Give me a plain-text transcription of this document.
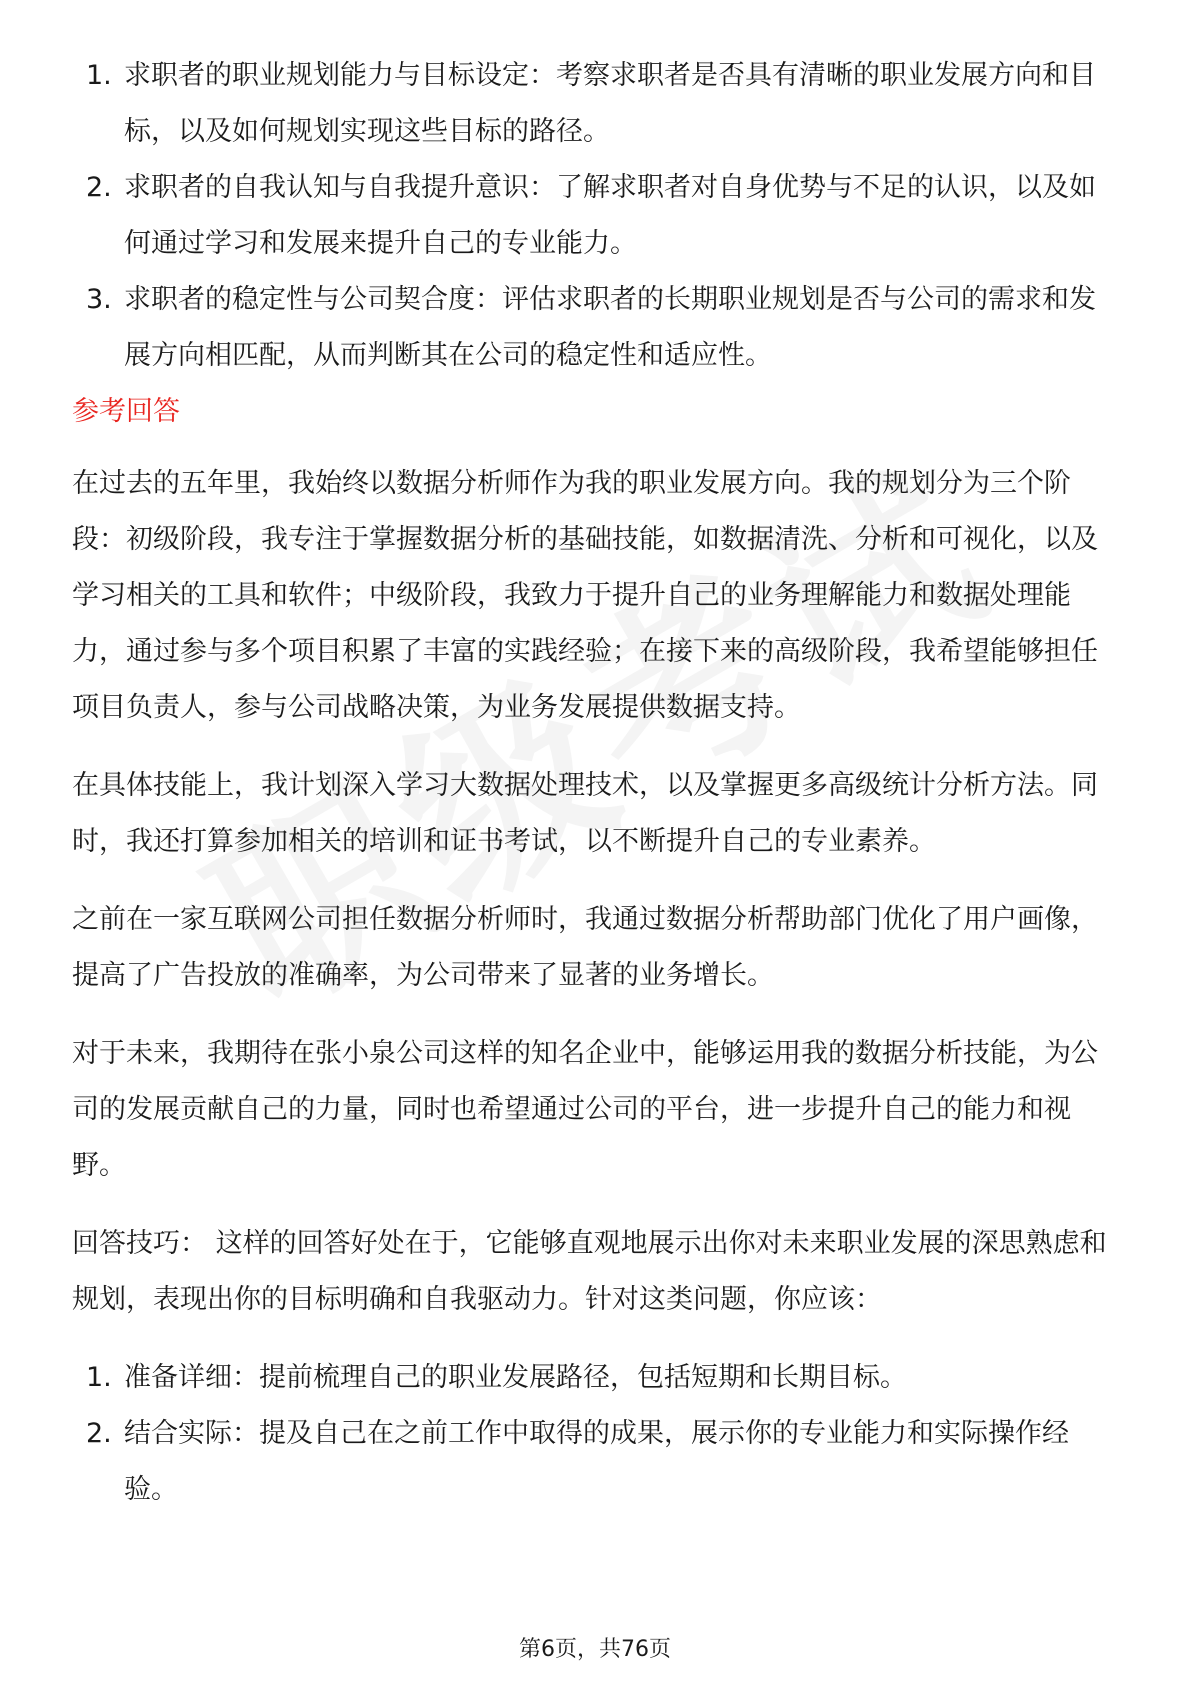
1. 求职者的职业规划能力与目标设定：考察求职者是否具有清晰的职业发展方向和目标，以及如何规划实现这些目标的路径。
2. 求职者的自我认知与自我提升意识：了解求职者对自身优势与不足的认识，以及如何通过学习和发展来提升自己的专业能力。
3. 求职者的稳定性与公司契合度：评估求职者的长期职业规划是否与公司的需求和发展方向相匹配，从而判断其在公司的稳定性和适应性。
参考回答

在过去的五年里，我始终以数据分析师作为我的职业发展方向。我的规划分为三个阶段：初级阶段，我专注于掌握数据分析的基础技能，如数据清洗、分析和可视化，以及学习相关的工具和软件；中级阶段，我致力于提升自己的业务理解能力和数据处理能力，通过参与多个项目积累了丰富的实践经验；在接下来的高级阶段，我希望能够担任项目负责人，参与公司战略决策，为业务发展提供数据支持。

在具体技能上，我计划深入学习大数据处理技术，以及掌握更多高级统计分析方法。同时，我还打算参加相关的培训和证书考试，以不断提升自己的专业素养。

之前在一家互联网公司担任数据分析师时，我通过数据分析帮助部门优化了用户画像，提高了广告投放的准确率，为公司带来了显著的业务增长。

对于未来，我期待在张小泉公司这样的知名企业中，能够运用我的数据分析技能，为公司的发展贡献自己的力量，同时也希望通过公司的平台，进一步提升自己的能力和视野。

回答技巧： 这样的回答好处在于，它能够直观地展示出你对未来职业发展的深思熟虑和规划，表现出你的目标明确和自我驱动力。针对这类问题，你应该：

1. 准备详细：提前梳理自己的职业发展路径，包括短期和长期目标。
2. 结合实际：提及自己在之前工作中取得的成果，展示你的专业能力和实际操作经验。
第6页，共76页
